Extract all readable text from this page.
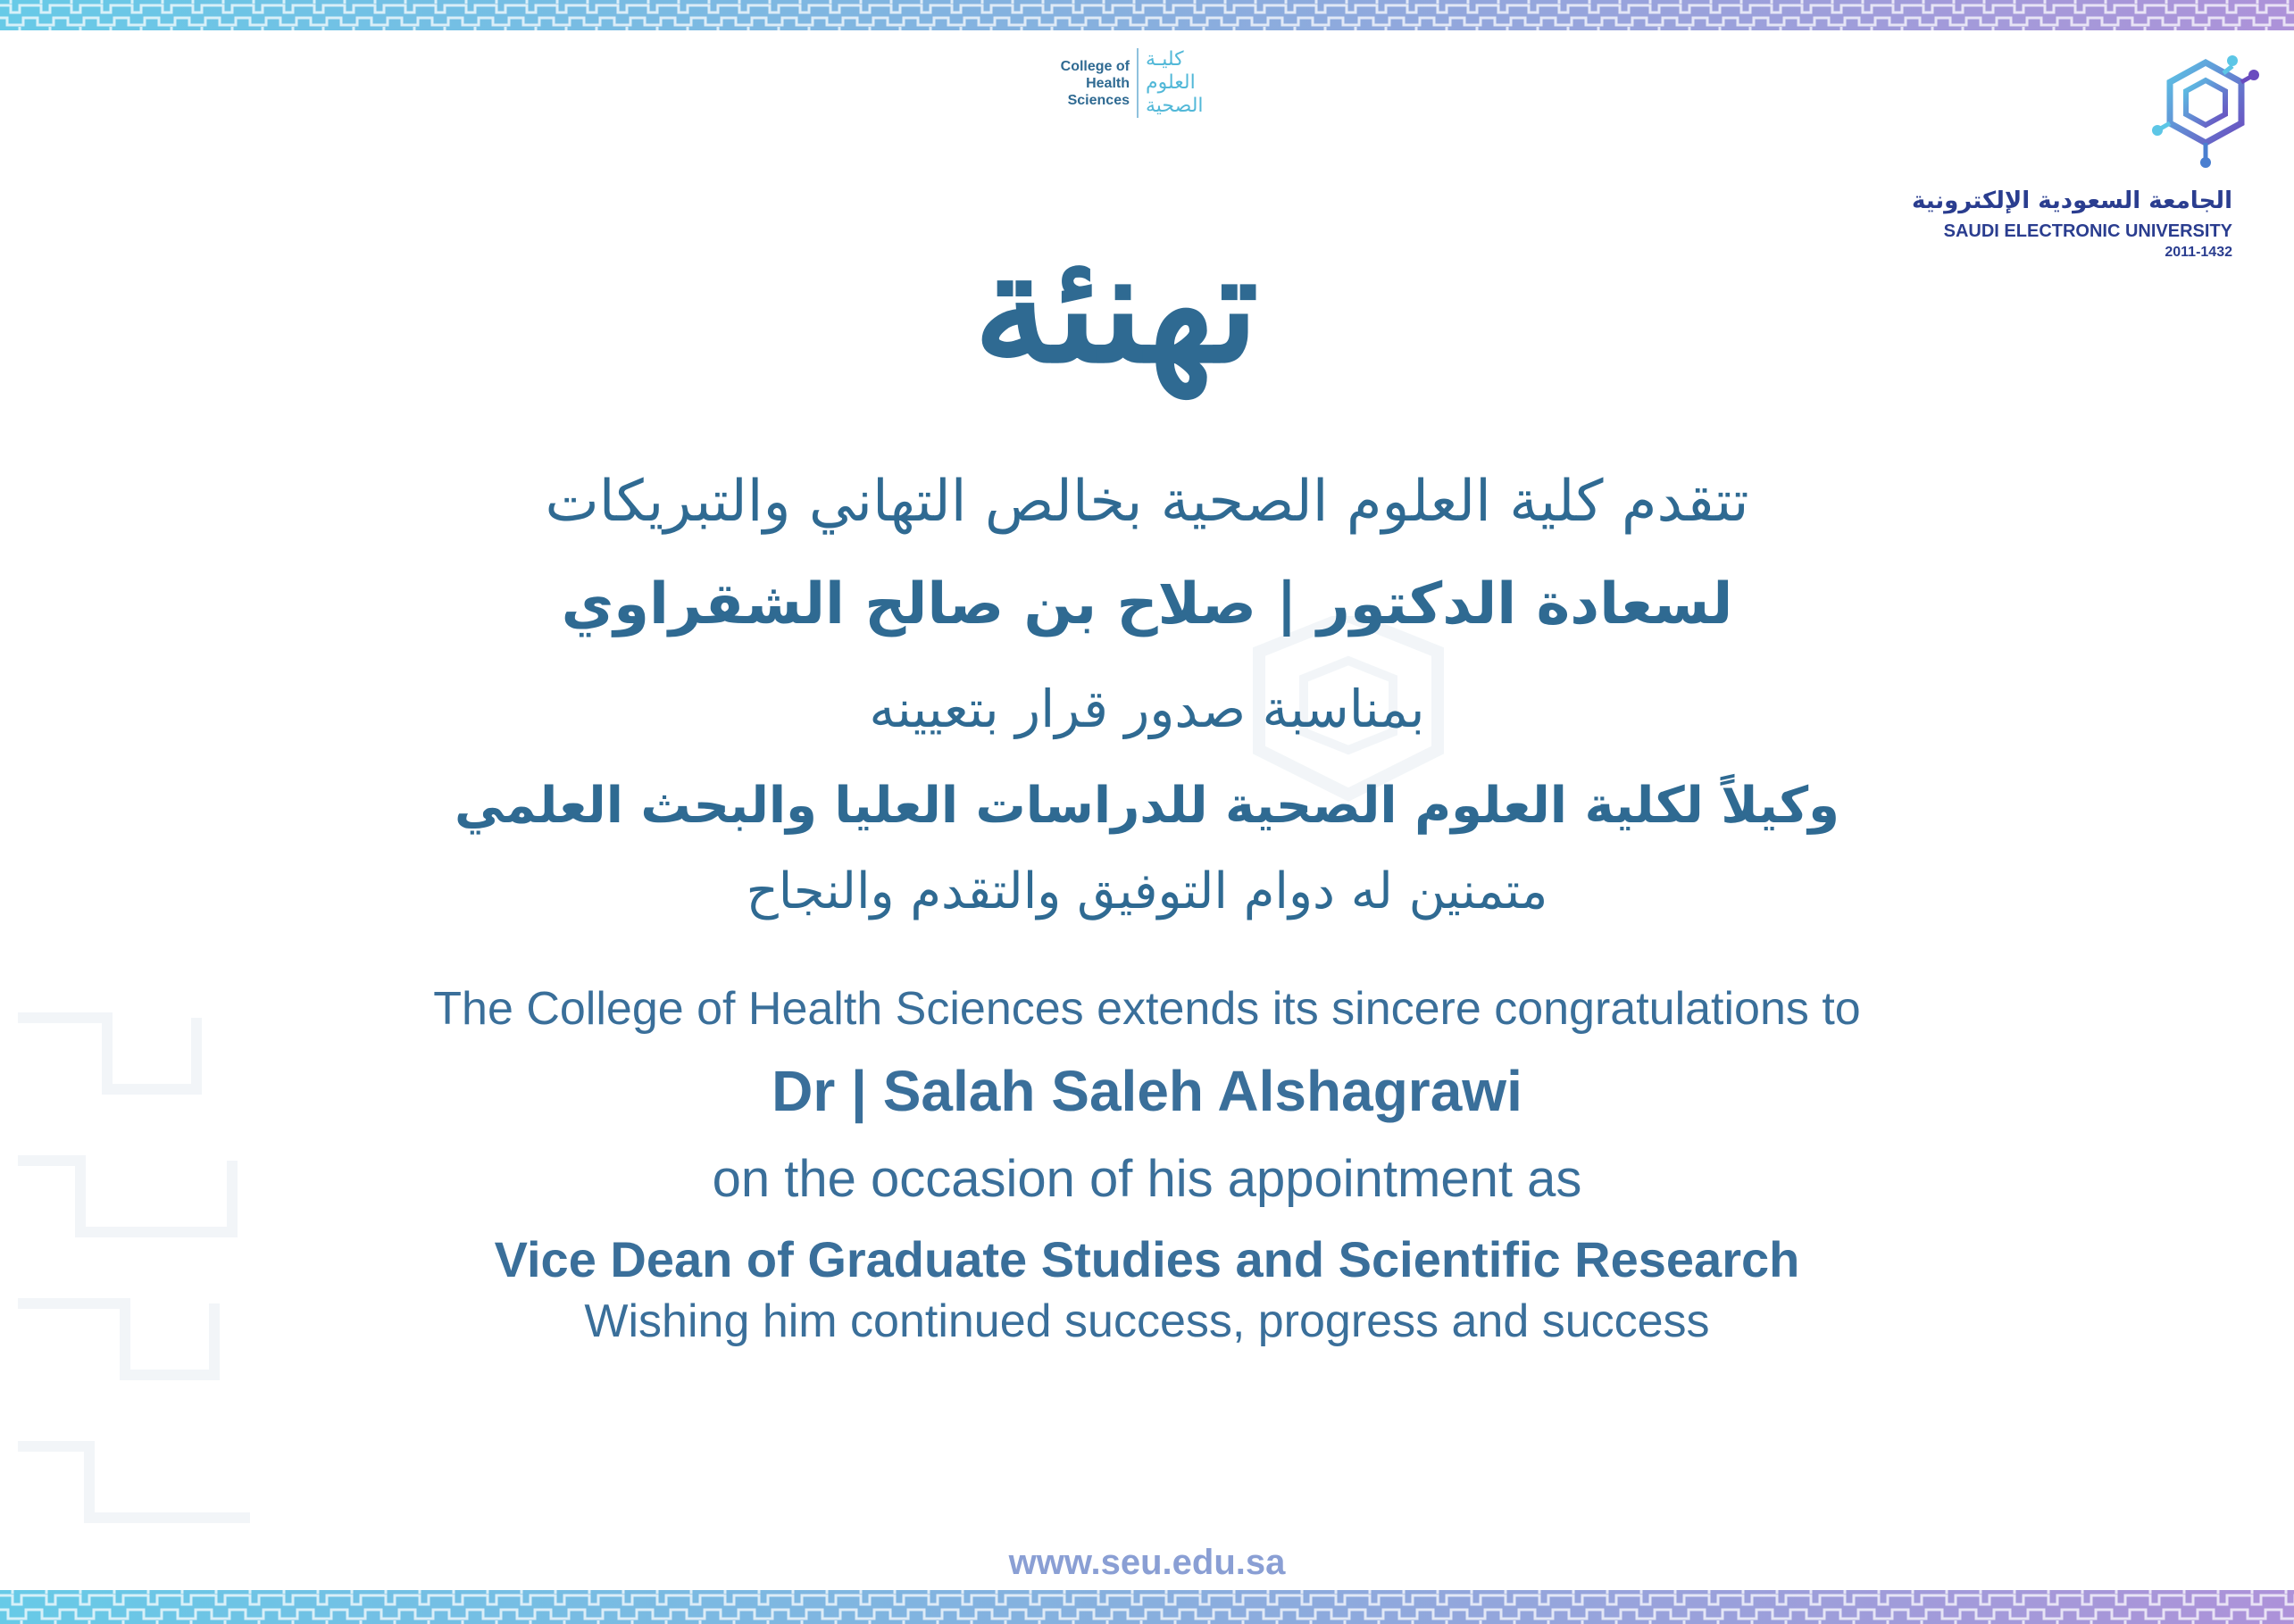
College of Health Sciences
كليـة العلوم الصحية
الجامعة السعودية الإلكترونية
SAUDI ELECTRONIC UNIVERSITY
2011-1432
تهنئة
تتقدم كلية العلوم الصحية بخالص التهاني والتبريكات
لسعادة الدكتور | صلاح بن صالح الشقراوي
بمناسبة صدور قرار بتعيينه
وكيلاً لكلية العلوم الصحية للدراسات العليا والبحث العلمي
متمنين له دوام التوفيق والتقدم والنجاح
The College of Health Sciences extends its sincere congratulations to
Dr | Salah Saleh Alshagrawi
on the occasion of his appointment as
Vice Dean of Graduate Studies and Scientific Research
Wishing him continued success, progress and success
www.seu.edu.sa
